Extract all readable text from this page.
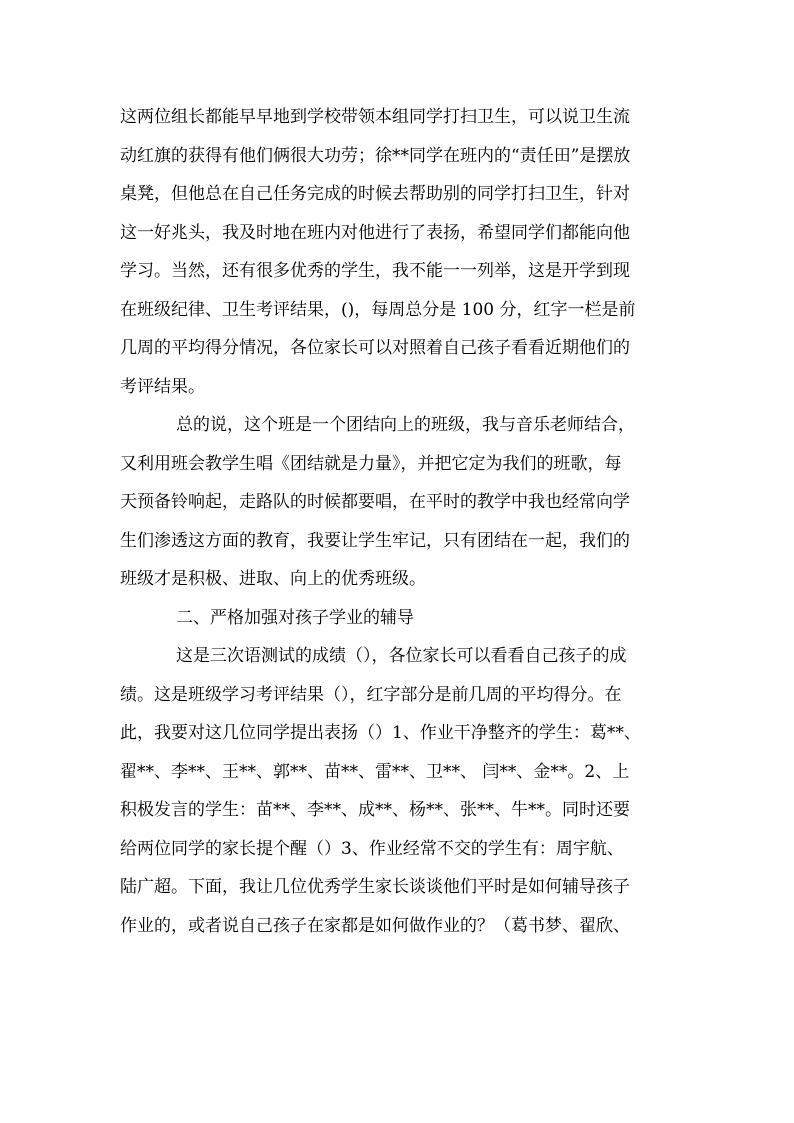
这两位组长都能早早地到学校带领本组同学打扫卫生，可以说卫生流
动红旗的获得有他们俩很大功劳；徐**同学在班内的“责任田”是摆放
桌凳，但他总在自己任务完成的时候去帮助别的同学打扫卫生，针对
这一好兆头，我及时地在班内对他进行了表扬，希望同学们都能向他
学习。当然，还有很多优秀的学生，我不能一一列举，这是开学到现
在班级纪律、卫生考评结果，()，每周总分是 100 分，红字一栏是前
几周的平均得分情况，各位家长可以对照着自己孩子看看近期他们的
考评结果。
总的说，这个班是一个团结向上的班级，我与音乐老师结合，
又利用班会教学生唱《团结就是力量》，并把它定为我们的班歌，每
天预备铃响起，走路队的时候都要唱，在平时的教学中我也经常向学
生们渗透这方面的教育，我要让学生牢记，只有团结在一起，我们的
班级才是积极、进取、向上的优秀班级。
二、严格加强对孩子学业的辅导
这是三次语测试的成绩（），各位家长可以看看自己孩子的成
绩。这是班级学习考评结果（），红字部分是前几周的平均得分。在
此，我要对这几位同学提出表扬（）1、作业干净整齐的学生：葛**、
翟**、李**、王**、郭**、苗**、雷**、卫**、 闫**、金**。2、上
积极发言的学生：苗**、李**、成**、杨**、张**、牛**。同时还要
给两位同学的家长提个醒（）3、作业经常不交的学生有：周宇航、
陆广超。下面，我让几位优秀学生家长谈谈他们平时是如何辅导孩子
作业的，或者说自己孩子在家都是如何做作业的？（葛书梦、翟欣、
